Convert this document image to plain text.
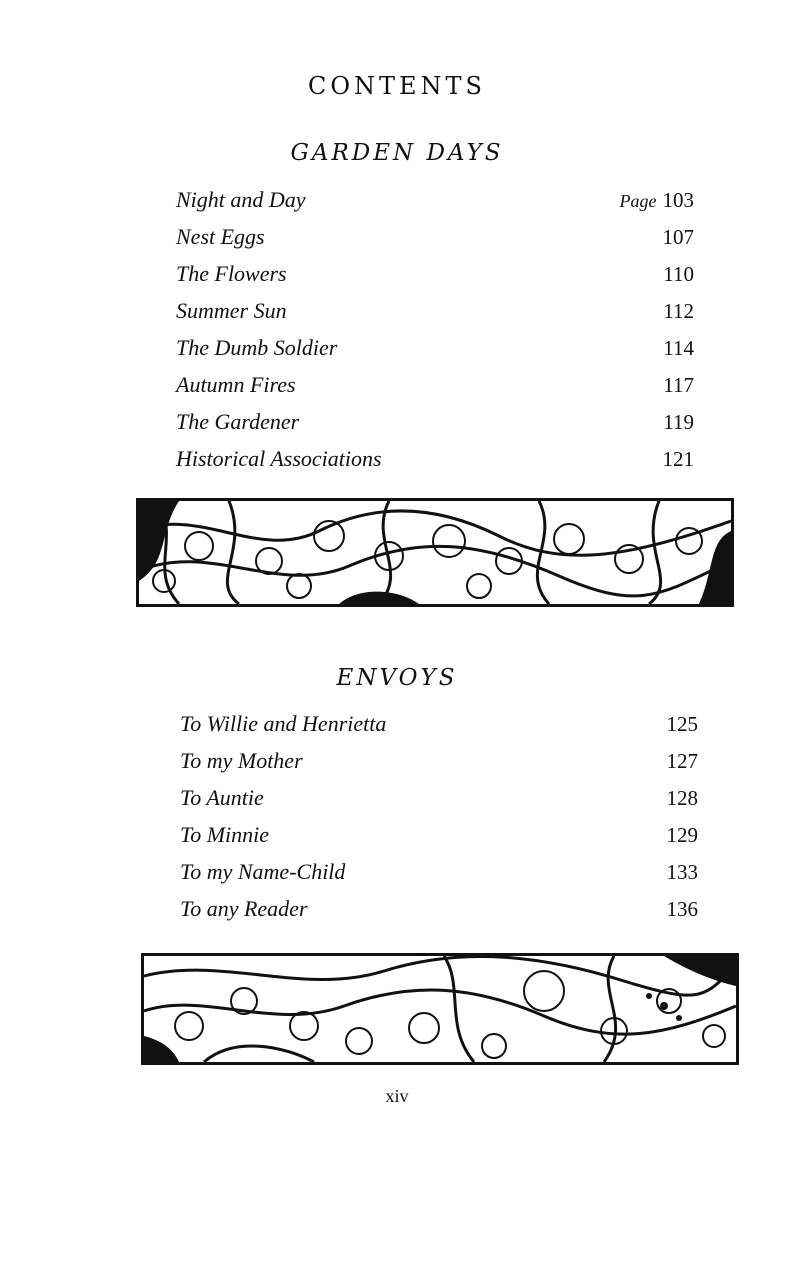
CONTENTS
GARDEN DAYS
Night and Day	Page 103
Nest Eggs	107
The Flowers	110
Summer Sun	112
The Dumb Soldier	114
Autumn Fires	117
The Gardener	119
Historical Associations	121
ENVOYS
To Willie and Henrietta	125
To my Mother	127
To Auntie	128
To Minnie	129
To my Name-Child	133
To any Reader	136

xiv
